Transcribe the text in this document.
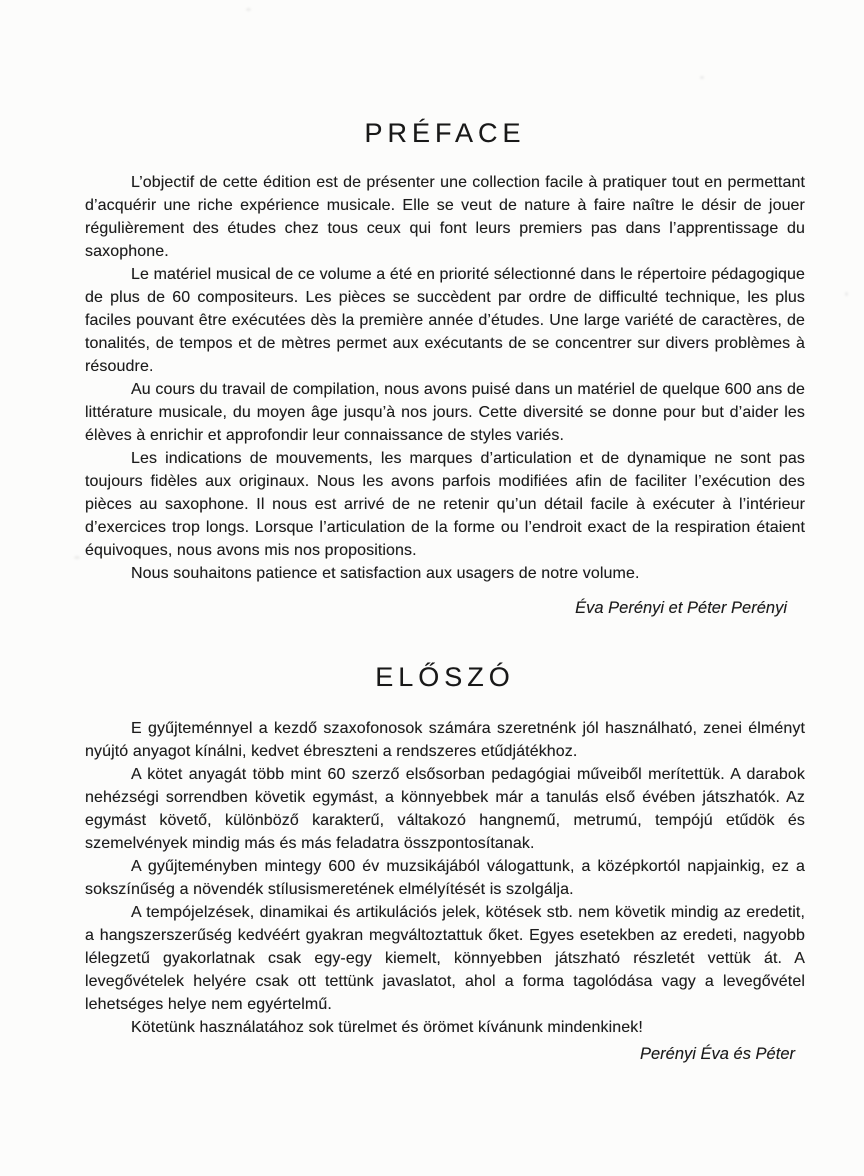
PRÉFACE

L’objectif de cette édition est de présenter une collection facile à pratiquer tout en permettant d’acquérir une riche expérience musicale. Elle se veut de nature à faire naître le désir de jouer régulièrement des études chez tous ceux qui font leurs premiers pas dans l’apprentissage du saxophone.

Le matériel musical de ce volume a été en priorité sélectionné dans le répertoire pédagogique de plus de 60 compositeurs. Les pièces se succèdent par ordre de difficulté technique, les plus faciles pouvant être exécutées dès la première année d’études. Une large variété de caractères, de tonalités, de tempos et de mètres permet aux exécutants de se concentrer sur divers problèmes à résoudre.

Au cours du travail de compilation, nous avons puisé dans un matériel de quelque 600 ans de littérature musicale, du moyen âge jusqu’à nos jours. Cette diversité se donne pour but d’aider les élèves à enrichir et approfondir leur connaissance de styles variés.

Les indications de mouvements, les marques d’articulation et de dynamique ne sont pas toujours fidèles aux originaux. Nous les avons parfois modifiées afin de faciliter l’exécution des pièces au saxophone. Il nous est arrivé de ne retenir qu’un détail facile à exécuter à l’intérieur d’exercices trop longs. Lorsque l’articulation de la forme ou l’endroit exact de la respiration étaient équivoques, nous avons mis nos propositions.

Nous souhaitons patience et satisfaction aux usagers de notre volume.

Éva Perényi et Péter Perényi
ELŐSZÓ

E gyűjteménnyel a kezdő szaxofonosok számára szeretnénk jól használható, zenei élményt nyújtó anyagot kínálni, kedvet ébreszteni a rendszeres etűdjátékhoz.

A kötet anyagát több mint 60 szerző elsősorban pedagógiai műveiből merítettük. A darabok nehézségi sorrendben követik egymást, a könnyebbek már a tanulás első évében játszhatók. Az egymást követő, különböző karakterű, váltakozó hangnemű, metrumú, tempójú etűdök és szemelvények mindig más és más feladatra összpontosítanak.

A gyűjteményben mintegy 600 év muzsikájából válogattunk, a középkortól napjainkig, ez a sokszínűség a növendék stílusismeretének elmélyítését is szolgálja.

A tempójelzések, dinamikai és artikulációs jelek, kötések stb. nem követik mindig az eredetit, a hangszerszerűség kedvéért gyakran megváltoztattuk őket. Egyes esetekben az eredeti, nagyobb lélegzetű gyakorlatnak csak egy-egy kiemelt, könnyebben játszható részletét vettük át. A levegővételek helyére csak ott tettünk javaslatot, ahol a forma tagolódása vagy a levegővétel lehetséges helye nem egyértelmű.

Kötetünk használatához sok türelmet és örömet kívánunk mindenkinek!

Perényi Éva és Péter
